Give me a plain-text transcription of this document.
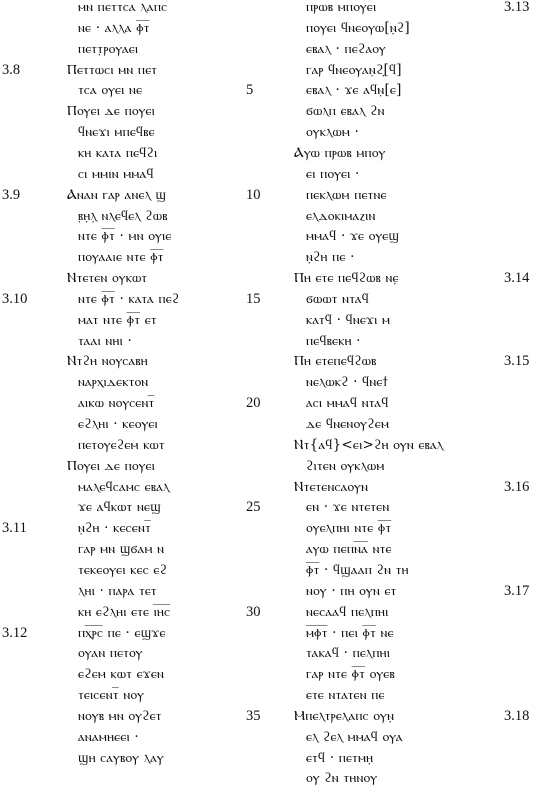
3.8
3.9
3.10
3.11
3.12
ⲙⲛ ⲡⲉⲧⲧⲥⲁ ⲗⲁⲡⲥ
ⲛⲉ · ⲁⲗⲗⲁ ⲫ︦ⲧ︦
ⲡⲉⲧⲧ̣ⲣⲟⲩⲁⲉⲓ
Ⲡⲉⲧⲧⲱⲥⲓ ⲙⲛ ⲡⲉⲧ
ⲧⲥⲁ ⲟⲩⲉⲓ ⲛⲉ
Ⲡⲟⲩⲉⲓ ⲇⲉ ⲡⲟⲩⲉⲓ
ϥⲛⲉϫⲓ ⲙⲡⲉϥⲃⲉ
ⲕⲏ ⲕⲁⲧⲁ ⲡⲉϥϩⲓ
ⲥⲓ ⲙⲙⲓⲛ ⲙⲙⲁϥ
Ⲁⲛⲁⲛ ⲅⲁⲣ ⲁⲛⲉⲗ ϣ
ⲃ̣ⲏ̣ⲗ̣ ⲛⲗⲉϥⲉⲗ ϩⲱⲃ
ⲛⲧⲉ ⲫ︦ⲧ︦ · ⲙⲛ ⲟⲩⲓⲉ
ⲡⲟⲩⲁⲁⲓⲉ ⲛⲧⲉ ⲫ︦ⲧ︦
Ⲛⲧⲉⲧⲉⲛ ⲟⲩⲕⲱⲧ
ⲛⲧⲉ ⲫ︦ⲧ︦ · ⲕⲁⲧⲁ ⲡⲉϩ
ⲙⲁⲧ ⲛⲧⲉ ⲫ︦ⲧ︦ ⲉⲧ
ⲧⲁⲁⲓ ⲛⲏⲓ ·
Ⲛⲧϩⲏ ⲛⲟⲩⲥⲁⲃⲏ
ⲛⲁⲣⲭⲓⲇⲉⲕⲧⲟⲛ
ⲁⲓⲕⲱ ⲛⲟⲩⲥⲉⲛⲧ︦
ⲉϩⲗⲏⲓ · ⲕⲉⲟⲩⲉⲓ
ⲡⲉⲧⲟⲩⲉϩⲉⲙ ⲕⲱⲧ
Ⲡⲟⲩⲉⲓ ⲇⲉ ⲡⲟⲩⲉⲓ
ⲙⲁⲗⲉϥⲥⲁⲙⲥ ⲉⲃⲁⲗ
ϫⲉ ⲁϥⲕⲱⲧ ⲛⲉϣ
ⲛ̣ϩⲏ · ⲕⲉⲥⲉⲛⲧ︦
ⲅⲁⲣ ⲙⲛ ϣϭⲁⲙ ⲛ
ⲧⲉⲕⲉⲟⲩⲉⲓ ⲕⲉⲥ ⲉϩ
ⲗⲏⲓ · ⲡⲁⲣⲁ ⲧⲉⲧ
ⲕⲏ ⲉϩⲗⲏⲓ ⲉⲧⲉ ⲓ︦ⲏ︦ⲥ︦
ⲡⲭ︦ⲣ︦ⲥ︦ ⲡⲉ · ⲉϣϫⲉ
ⲟⲩⲁⲛ ⲡⲉⲧⲟⲩ
ⲉϩⲉⲙ ⲕⲱⲧ ⲉϫⲉⲛ
ⲧⲉⲓⲥⲉⲛⲧ︦ ⲛⲟⲩ
ⲛⲟⲩⲃ ⲙⲛ ⲟⲩϩⲉⲧ
ⲁⲛⲁⲙⲏⲉⲉⲓ ·
ϣⲏ ⲥⲁⲩⲃⲟⲩ ⲗⲁⲩ̣
5
10
15
20
25
30
35
ⲡⲣⲱⲃ ⲙⲡⲟⲩⲉⲓ
ⲡⲟⲩⲉⲓ ϥⲛⲉⲟⲩⲱ[ⲛ̣ϩ]
ⲉⲃⲁⲗ · ⲡⲉϩⲁⲟⲩ
ⲅⲁⲣ ϥⲛⲉⲟⲩⲁⲛ̣ϩ̣[ϥ]
ⲉⲃⲁⲗ · ϫⲉ ⲁϥⲛ̣[ⲉ]
ϭⲱⲗⲡ ⲉⲃⲁⲗ ϩⲛ
ⲟⲩⲕⲗⲱⲙ ·
Ⲁⲩⲱ ⲡⲣⲱⲃ ⲙⲡⲟⲩ
ⲉⲓ ⲡⲟⲩⲉⲓ ·
ⲡⲉⲕⲗⲱⲙ ⲡⲉⲧⲛⲉ
ⲉⲗⲇⲟⲕⲓⲙⲁⲍⲓⲛ
ⲙⲙⲁϥ · ϫⲉ ⲟⲩⲉϣ
ⲛ̣ϩⲏ ⲡⲉ ·
Ⲡⲏ ⲉⲧⲉ ⲡⲉϥϩⲱⲃ ⲛⲉ̣
ϭⲱⲱⲧ ⲛⲧⲁϥ
ⲕⲁⲧϥ · ϥⲛⲉϫⲓ ⲙ
ⲡⲉϥⲃⲉⲕⲏ ·
Ⲡⲏ ⲉⲧⲉⲡⲉϥϩⲱⲃ
ⲛⲉⲗⲱⲕϩ · ϥⲛⲉϯ
ⲁⲥⲓ ⲙⲙⲁϥ ⲛⲧⲁϥ
ⲇⲉ ϥⲛⲉⲛⲟⲩϩⲉⲙ
Ⲛⲧ{ⲁϥ}<ⲉⲓ>ϩⲏ ⲟⲩⲛ ⲉⲃⲁⲗ
ϩⲓⲧⲉⲛ ⲟⲩⲕⲗⲱⲙ
Ⲛⲧⲉⲧⲉⲛⲥⲁⲟⲩⲛ
ⲉⲛ · ϫⲉ ⲛⲧⲉⲧⲉⲛ
ⲟⲩⲉⲗⲡⲏⲓ ⲛⲧⲉ ⲫ︦ⲧ︦
ⲁⲩⲱ ⲡⲉⲡⲛ︦ⲁ︦ ⲛⲧⲉ
ⲫ︦ⲧ︦ · ϥϣⲁⲁⲡ ϩⲛ ⲧⲏ
ⲛⲟⲩ · ⲡⲏ ⲟⲩⲛ ⲉⲧ
ⲛⲉⲥⲁⲁϥ ⲡⲉⲗⲡⲏⲓ
ⲙ︦ⲫ︦ⲧ︦ · ⲡⲉⲓ ⲫ︦ⲧ︦ ⲛⲉ
ⲧⲁⲕⲁϥ · ⲡⲉⲗⲡⲏⲓ
ⲅⲁⲣ ⲛⲧⲉ ⲫ︦ⲧ︦ ⲟⲩⲉⲃ
ⲉⲧⲉ ⲛⲧⲁⲧⲉⲛ ⲡⲉ
Ⲙⲡⲉⲗⲧⲣⲉⲗⲁⲡⲥ ⲟⲩⲛ̣
ⲉⲗ ϩⲉⲗ ⲙⲙⲁϥ ⲟⲩⲁ
ⲉⲧϥ · ⲡⲉⲧⲙⲏ̣
ⲟⲩ̣ ϩⲛ ⲧⲏⲛⲟⲩ̣
3.13
3.14
3.15
3.16
3.17
3.18
